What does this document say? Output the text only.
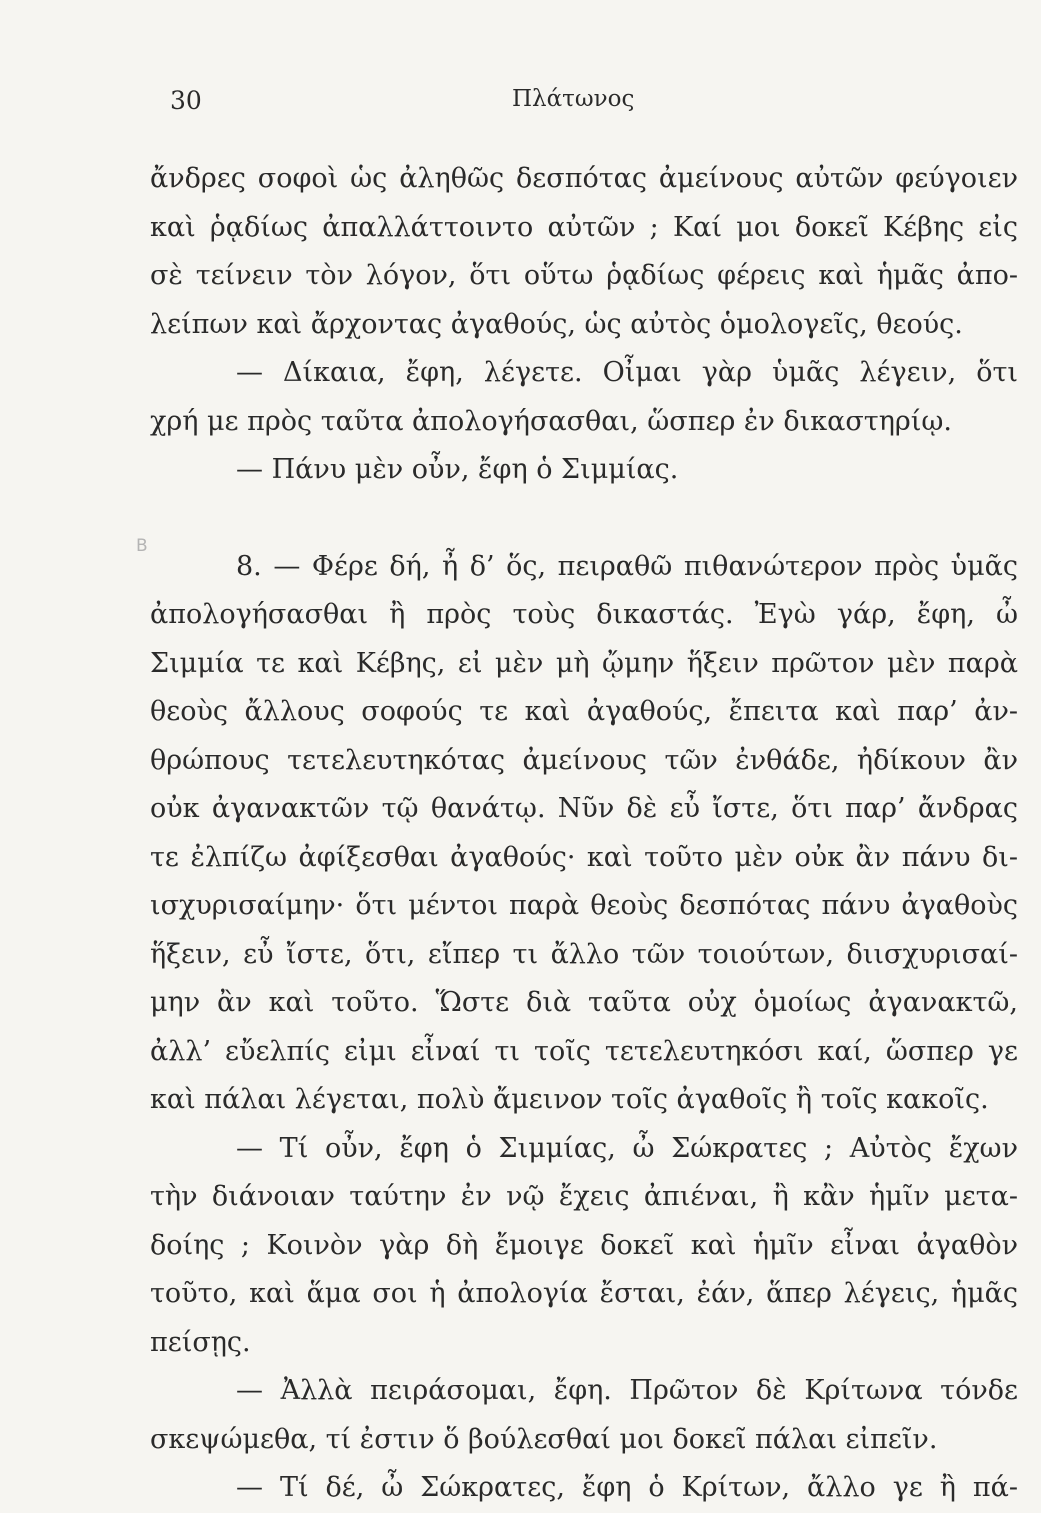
30	Πλάτωνος
Β
ἄνδρες σοφοὶ ὡς ἀληθῶς δεσπότας ἀμείνους αὐτῶν φεύγοιεν
καὶ ῥᾳδίως ἀπαλλάττοιντο αὐτῶν ; Καί μοι δοκεῖ Κέβης εἰς
σὲ τείνειν τὸν λόγον, ὅτι οὕτω ῥᾳδίως φέρεις καὶ ἡμᾶς ἀπο-
λείπων καὶ ἄρχοντας ἀγαθούς, ὡς αὐτὸς ὁμολογεῖς, θεούς.
— Δίκαια, ἔφη, λέγετε. Οἶμαι γὰρ ὑμᾶς λέγειν, ὅτι
χρή με πρὸς ταῦτα ἀπολογήσασθαι, ὥσπερ ἐν δικαστηρίῳ.
— Πάνυ μὲν οὖν, ἔφη ὁ Σιμμίας.
8. — Φέρε δή, ἦ δ’ ὅς, πειραθῶ πιθανώτερον πρὸς ὑμᾶς
ἀπολογήσασθαι ἢ πρὸς τοὺς δικαστάς. Ἐγὼ γάρ, ἔφη, ὦ
Σιμμία τε καὶ Κέβης, εἰ μὲν μὴ ᾤμην ἥξειν πρῶτον μὲν παρὰ
θεοὺς ἄλλους σοφούς τε καὶ ἀγαθούς, ἔπειτα καὶ παρ’ ἀν-
θρώπους τετελευτηκότας ἀμείνους τῶν ἐνθάδε, ἠδίκουν ἂν
οὐκ ἀγανακτῶν τῷ θανάτῳ. Νῦν δὲ εὖ ἴστε, ὅτι παρ’ ἄνδρας
τε ἐλπίζω ἀφίξεσθαι ἀγαθούς· καὶ τοῦτο μὲν οὐκ ἂν πάνυ δι-
ισχυρισαίμην· ὅτι μέντοι παρὰ θεοὺς δεσπότας πάνυ ἀγαθοὺς
ἥξειν, εὖ ἴστε, ὅτι, εἴπερ τι ἄλλο τῶν τοιούτων, διισχυρισαί-
μην ἂν καὶ τοῦτο. Ὥστε διὰ ταῦτα οὐχ ὁμοίως ἀγανακτῶ,
ἀλλ’ εὔελπίς εἰμι εἶναί τι τοῖς τετελευτηκόσι καί, ὥσπερ γε
καὶ πάλαι λέγεται, πολὺ ἄμεινον τοῖς ἀγαθοῖς ἢ τοῖς κακοῖς.
— Τί οὖν, ἔφη ὁ Σιμμίας, ὦ Σώκρατες ; Αὐτὸς ἔχων
τὴν διάνοιαν ταύτην ἐν νῷ ἔχεις ἀπιέναι, ἢ κἂν ἡμῖν μετα-
δοίης ; Κοινὸν γὰρ δὴ ἔμοιγε δοκεῖ καὶ ἡμῖν εἶναι ἀγαθὸν
τοῦτο, καὶ ἅμα σοι ἡ ἀπολογία ἔσται, ἐάν, ἅπερ λέγεις, ἡμᾶς
πείσῃς.
— Ἀλλὰ πειράσομαι, ἔφη. Πρῶτον δὲ Κρίτωνα τόνδε
σκεψώμεθα, τί ἐστιν ὅ βούλεσθαί μοι δοκεῖ πάλαι εἰπεῖν.
— Τί δέ, ὦ Σώκρατες, ἔφη ὁ Κρίτων, ἄλλο γε ἢ πά-
